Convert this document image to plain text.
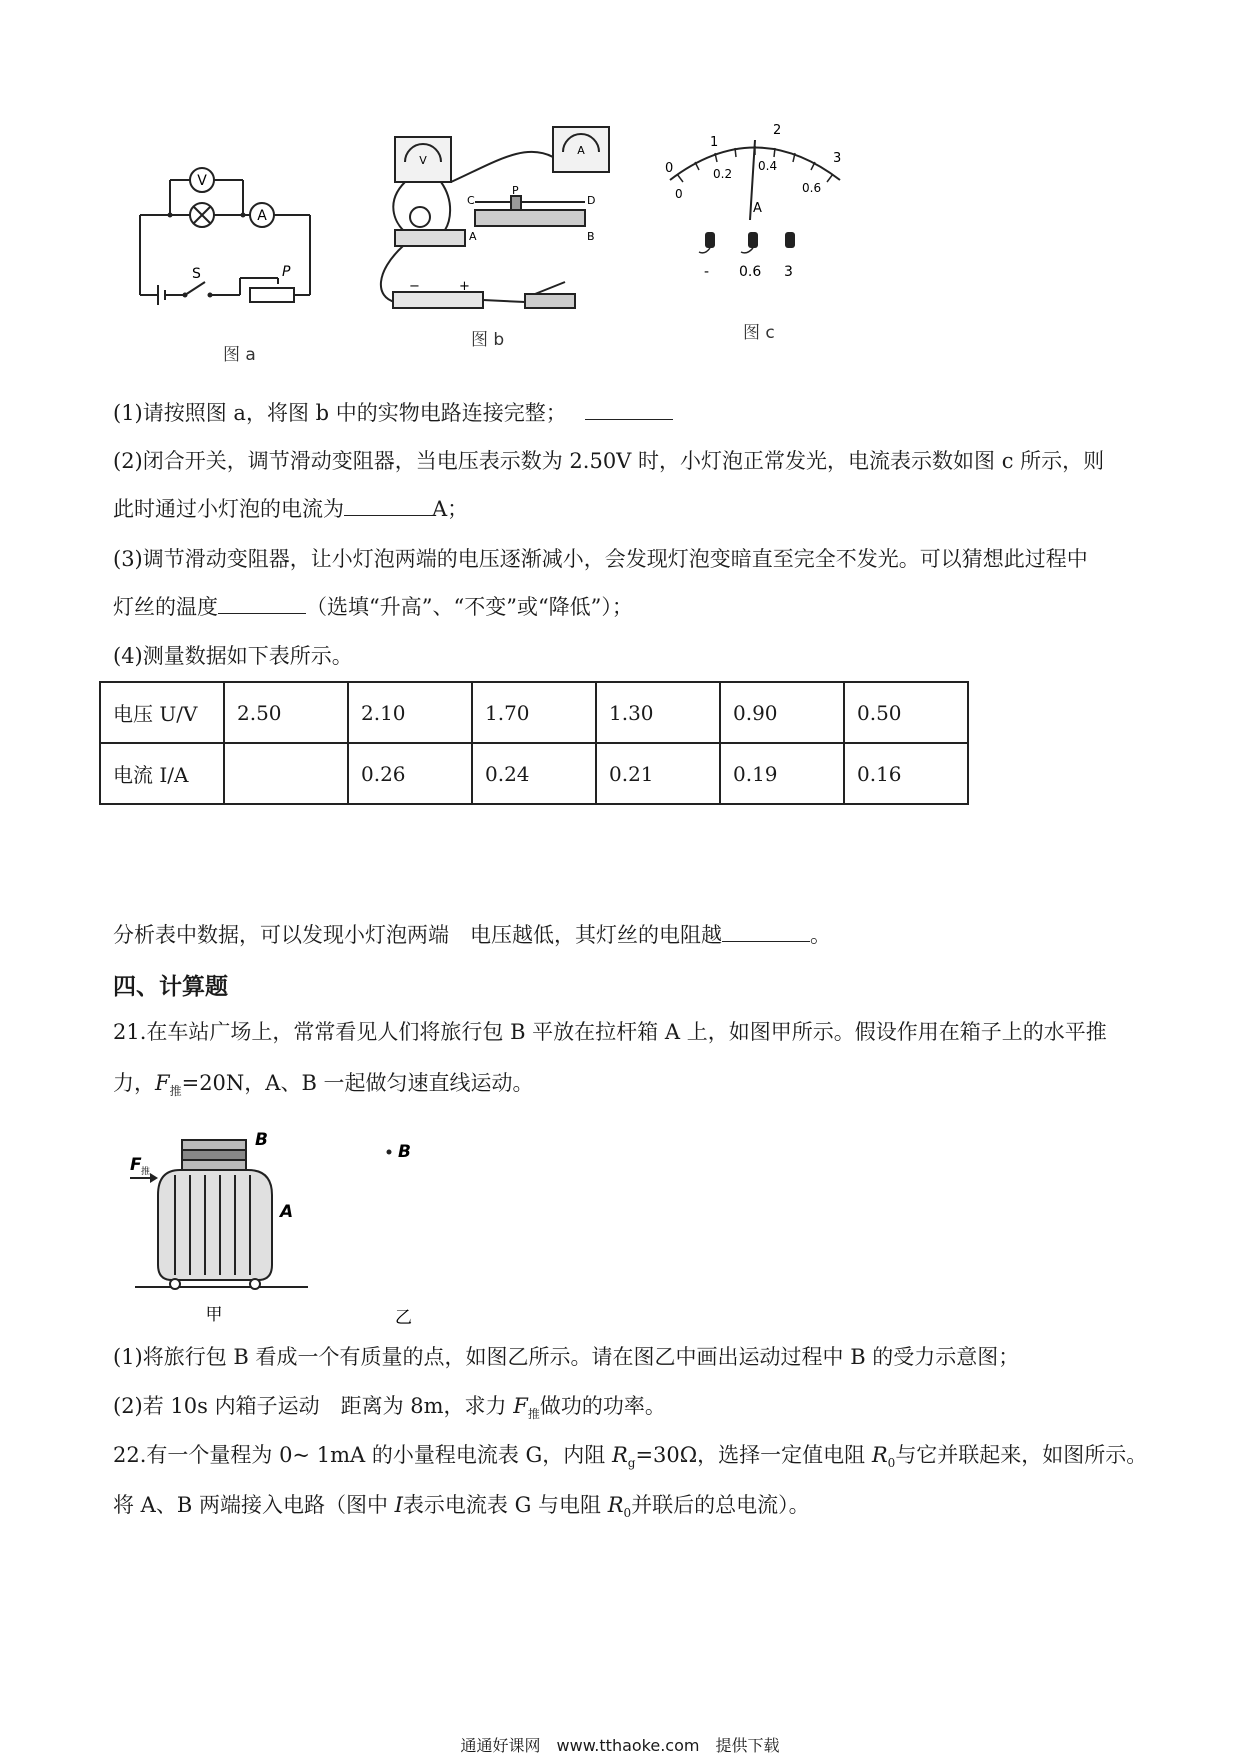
V
A
S	P
图 a
V
A
C
P
D
A	B
−	+
图 b
0
1
2
3
0
0.2
0.4
0.6
A
- 0.6 3
图 c
(1)请按照图 a，将图 b 中的实物电路连接完整；
(2)闭合开关，调节滑动变阻器，当电压表示数为 2.50V 时，小灯泡正常发光，电流表示数如图 c 所示，则
此时通过小灯泡的电流为	A；
(3)调节滑动变阻器，让小灯泡两端的电压逐渐减小，会发现灯泡变暗直至完全不发光。可以猜想此过程中
灯丝的温度	（选填“升高”、“不变”或“降低”）；
(4)测量数据如下表所示。
电压 U/V	2.50	2.10	1.70	1.30	0.90	0.50
电流 I/A		0.26	0.24	0.21	0.19	0.16
分析表中数据，可以发现小灯泡两端　电压越低，其灯丝的电阻越	。
四、计算题
21.在车站广场上，常常看见人们将旅行包 B 平放在拉杆箱 A 上，如图甲所示。假设作用在箱子上的水平推
力，$F_推=20N$，A、B 一起做匀速直线运动。
F 推
B
A
甲
B
乙
(1)将旅行包 B 看成一个有质量的点，如图乙所示。请在图乙中画出运动过程中 B 的受力示意图；
(2)若 10s 内箱子运动　距离为 8m，求力 $F_推$做功的功率。
22.有一个量程为 0~ 1mA 的小量程电流表 G，内阻 $R_g=30\Omega$，选择一定值电阻 $R_0$与它并联起来，如图所示。
将 A、B 两端接入电路（图中 I表示电流表 G 与电阻 $R_0$并联后的总电流）。
通通好课网　www.tthaoke.com　提供下载
